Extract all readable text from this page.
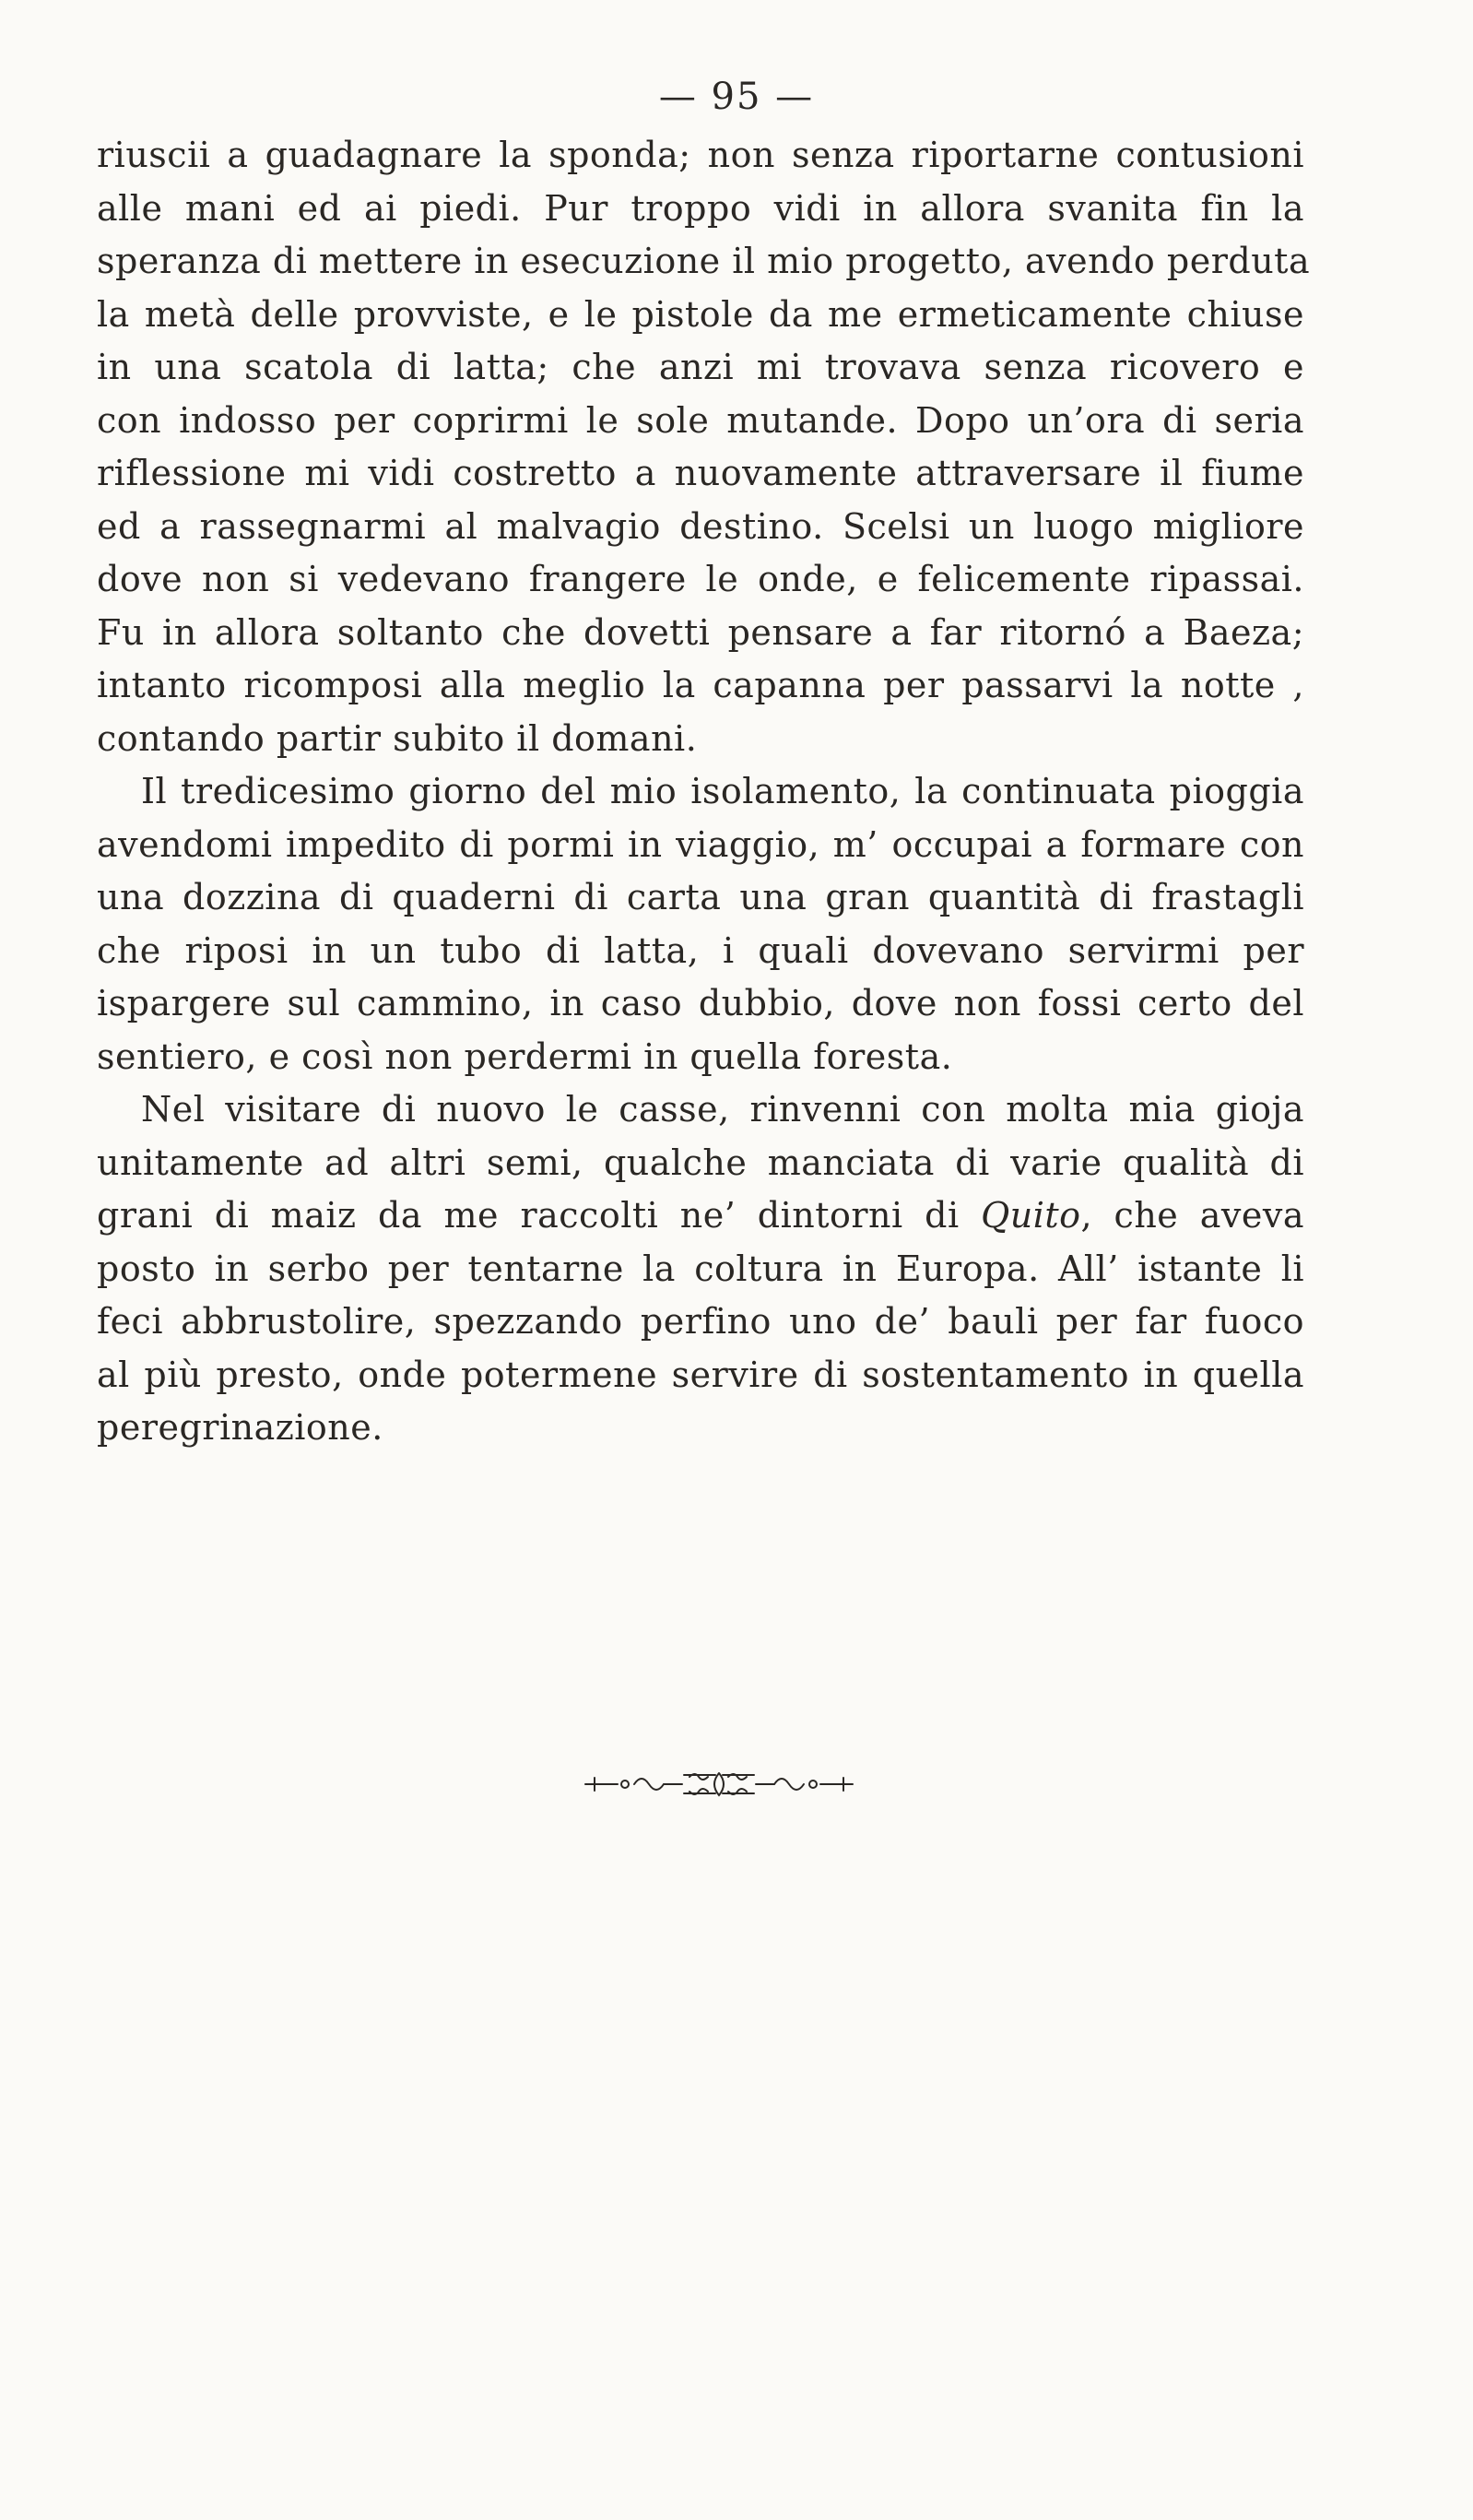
— 95 —
riuscii a guadagnare la sponda; non senza riportarne contusioni
alle mani ed ai piedi. Pur troppo vidi in allora svanita fin la
speranza di mettere in esecuzione il mio progetto, avendo perduta
la metà delle provviste, e le pistole da me ermeticamente chiuse
in una scatola di latta; che anzi mi trovava senza ricovero e
con indosso per coprirmi le sole mutande. Dopo un’ora di seria
riflessione mi vidi costretto a nuovamente attraversare il fiume
ed a rassegnarmi al malvagio destino. Scelsi un luogo migliore
dove non si vedevano frangere le onde, e felicemente ripassai.
Fu in allora soltanto che dovetti pensare a far ritornó a Baeza;
intanto ricomposi alla meglio la capanna per passarvi la notte ,
contando partir subito il domani.
Il tredicesimo giorno del mio isolamento, la continuata pioggia
avendomi impedito di pormi in viaggio, m’ occupai a formare con
una dozzina di quaderni di carta una gran quantità di frastagli
che riposi in un tubo di latta, i quali dovevano servirmi per
ispargere sul cammino, in caso dubbio, dove non fossi certo del
sentiero, e così non perdermi in quella foresta.
Nel visitare di nuovo le casse, rinvenni con molta mia gioja
unitamente ad altri semi, qualche manciata di varie qualità di
grani di maiz da me raccolti ne’ dintorni di Quito, che aveva
posto in serbo per tentarne la coltura in Europa. All’ istante li
feci abbrustolire, spezzando perfino uno de’ bauli per far fuoco
al più presto, onde potermene servire di sostentamento in quella
peregrinazione.
